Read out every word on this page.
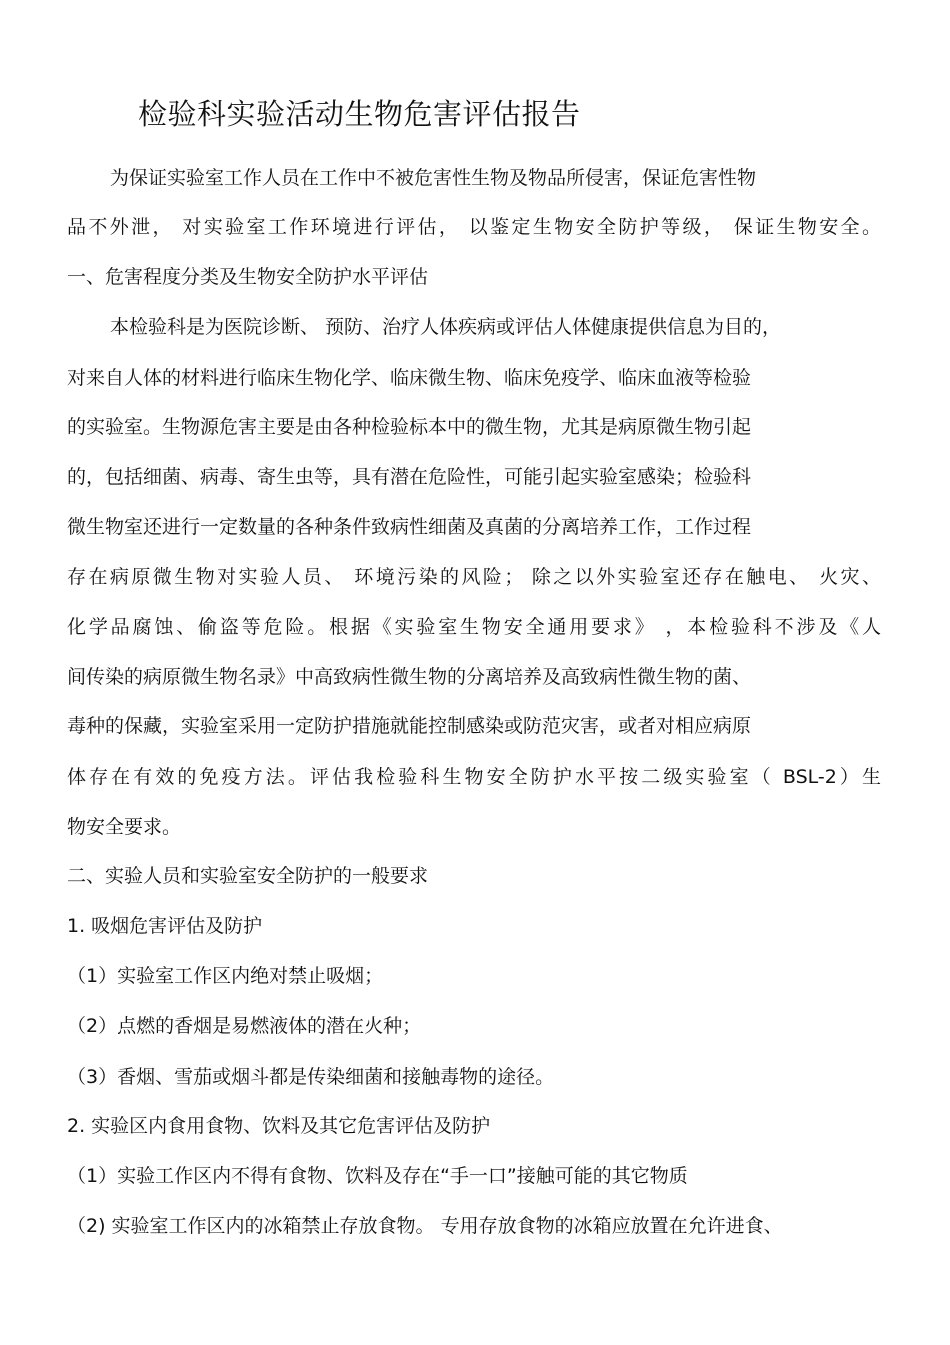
检验科实验活动生物危害评估报告
为保证实验室工作人员在工作中不被危害性生物及物品所侵害，保证危害性物
品不外泄， 对实验室工作环境进行评估， 以鉴定生物安全防护等级， 保证生物安全。
一、危害程度分类及生物安全防护水平评估
本检验科是为医院诊断、 预防、治疗人体疾病或评估人体健康提供信息为目的，
对来自人体的材料进行临床生物化学、临床微生物、临床免疫学、临床血液等检验
的实验室。生物源危害主要是由各种检验标本中的微生物，尤其是病原微生物引起
的，包括细菌、病毒、寄生虫等，具有潜在危险性，可能引起实验室感染；检验科
微生物室还进行一定数量的各种条件致病性细菌及真菌的分离培养工作，工作过程
存在病原微生物对实验人员、 环境污染的风险； 除之以外实验室还存在触电、 火灾、
化学品腐蚀、偷盗等危险。根据《实验室生物安全通用要求》 ，本检验科不涉及《人
间传染的病原微生物名录》中高致病性微生物的分离培养及高致病性微生物的菌、
毒种的保藏，实验室采用一定防护措施就能控制感染或防范灾害，或者对相应病原
体存在有效的免疫方法。评估我检验科生物安全防护水平按二级实验室（ BSL-2）生
物安全要求。
二、实验人员和实验室安全防护的一般要求
1. 吸烟危害评估及防护
（1）实验室工作区内绝对禁止吸烟；
（2）点燃的香烟是易燃液体的潜在火种；
（3）香烟、雪茄或烟斗都是传染细菌和接触毒物的途径。
2. 实验区内食用食物、饮料及其它危害评估及防护
（1）实验工作区内不得有食物、饮料及存在“手一口”接触可能的其它物质
（2) 实验室工作区内的冰箱禁止存放食物。 专用存放食物的冰箱应放置在允许进食、
